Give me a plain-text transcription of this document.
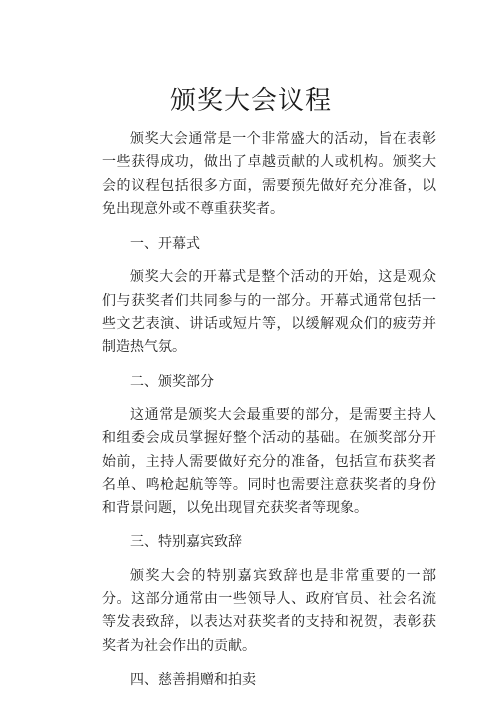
颁奖大会议程

颁奖大会通常是一个非常盛大的活动，旨在表彰一些获得成功，做出了卓越贡献的人或机构。颁奖大会的议程包括很多方面，需要预先做好充分准备，以免出现意外或不尊重获奖者。

一、开幕式

颁奖大会的开幕式是整个活动的开始，这是观众们与获奖者们共同参与的一部分。开幕式通常包括一些文艺表演、讲话或短片等，以缓解观众们的疲劳并制造热气氛。

二、颁奖部分

这通常是颁奖大会最重要的部分，是需要主持人和组委会成员掌握好整个活动的基础。在颁奖部分开始前，主持人需要做好充分的准备，包括宣布获奖者名单、鸣枪起航等等。同时也需要注意获奖者的身份和背景问题，以免出现冒充获奖者等现象。

三、特别嘉宾致辞

颁奖大会的特别嘉宾致辞也是非常重要的一部分。这部分通常由一些领导人、政府官员、社会名流等发表致辞，以表达对获奖者的支持和祝贺，表彰获奖者为社会作出的贡献。

四、慈善捐赠和拍卖
